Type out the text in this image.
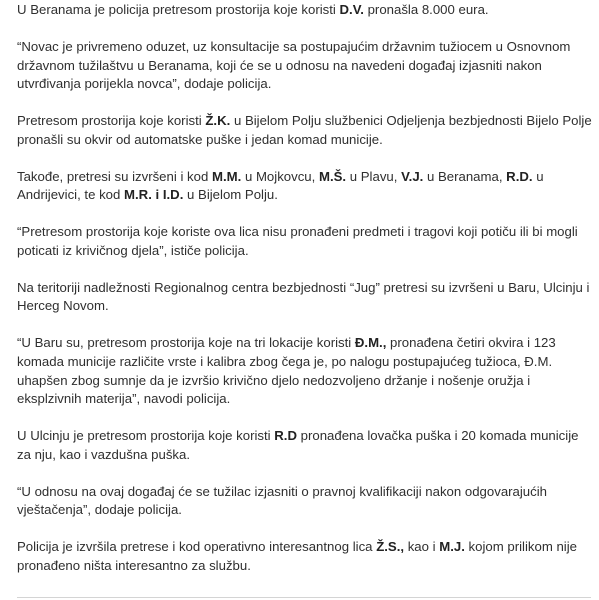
U Beranama je policija pretresom prostorija koje koristi D.V. pronašla 8.000 eura.

“Novac je privremeno oduzet, uz konsultacije sa postupajućim državnim tužiocem u Osnovnom državnom tužilaštvu u Beranama, koji će se u odnosu na navedeni događaj izjasniti nakon utvrđivanja porijekla novca”, dodaje policija.

Pretresom prostorija koje koristi Ž.K. u Bijelom Polju službenici Odjeljenja bezbjednosti Bijelo Polje pronašli su okvir od automatske puške i jedan komad municije.

Takođe, pretresi su izvršeni i kod M.M. u Mojkovcu, M.Š. u Plavu, V.J. u Beranama, R.D. u Andrijevici, te kod M.R. i I.D. u Bijelom Polju.

“Pretresom prostorija koje koriste ova lica nisu pronađeni predmeti i tragovi koji potiču ili bi mogli poticati iz krivičnog djela”, ističe policija.

Na teritoriji nadležnosti Regionalnog centra bezbjednosti “Jug” pretresi su izvršeni u Baru, Ulcinju i Herceg Novom.

“U Baru su, pretresom prostorija koje na tri lokacije koristi Đ.M., pronađena četiri okvira i 123 komada municije različite vrste i kalibra zbog čega je, po nalogu postupajućeg tužioca, Đ.M. uhapšen zbog sumnje da je izvršio krivično djelo nedozvoljeno držanje i nošenje oružja i eksplzivnih materija”, navodi policija.

U Ulcinju je pretresom prostorija koje koristi R.D pronađena lovačka puška i 20 komada municije za nju, kao i vazdušna puška.

“U odnosu na ovaj događaj će se tužilac izjasniti o pravnoj kvalifikaciji nakon odgovarajućih vještačenja”, dodaje policija.

Policija je izvršila pretrese i kod operativno interesantnog lica Ž.S., kao i M.J. kojom prilikom nije pronađeno ništa interesantno za službu.
